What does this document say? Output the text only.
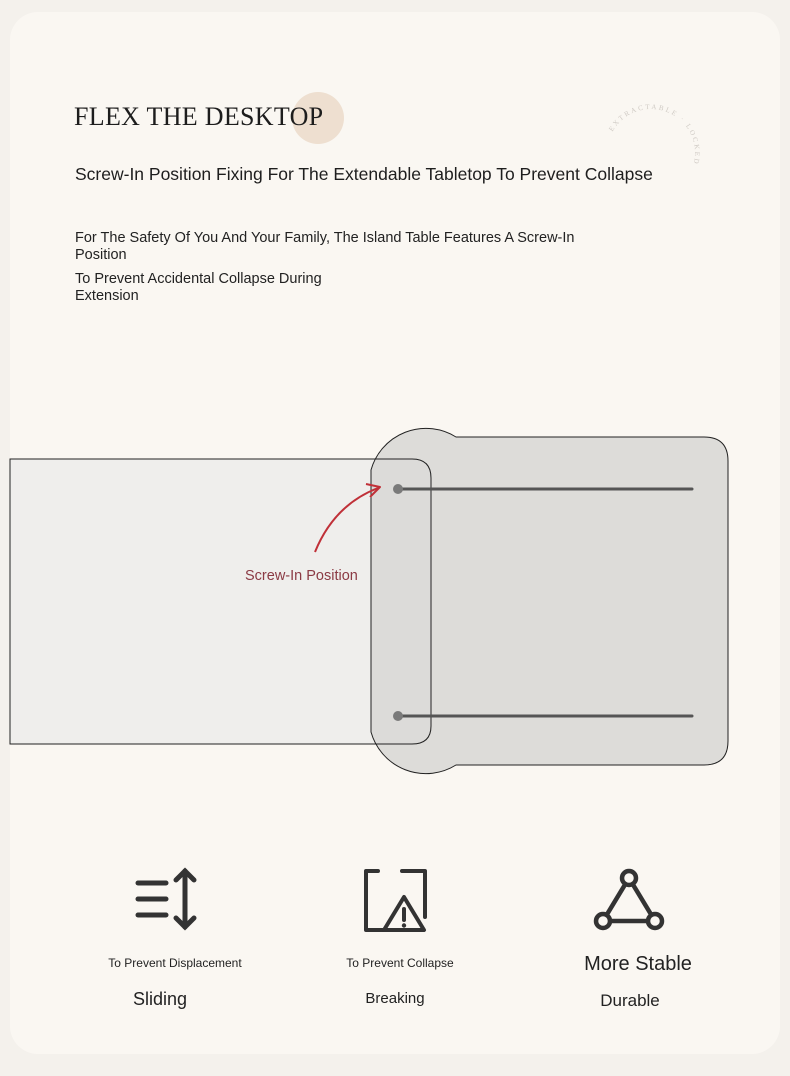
FLEX THE DESKTOP
Screw-In Position Fixing For The Extendable Tabletop To Prevent Collapse
For The Safety Of You And Your Family, The Island Table Features A Screw-In Position
To Prevent Accidental Collapse During Extension
EXTRACTABLE · LOCKED
Screw-In Position
To Prevent Displacement
Sliding
To Prevent Collapse
Breaking
More Stable
Durable
